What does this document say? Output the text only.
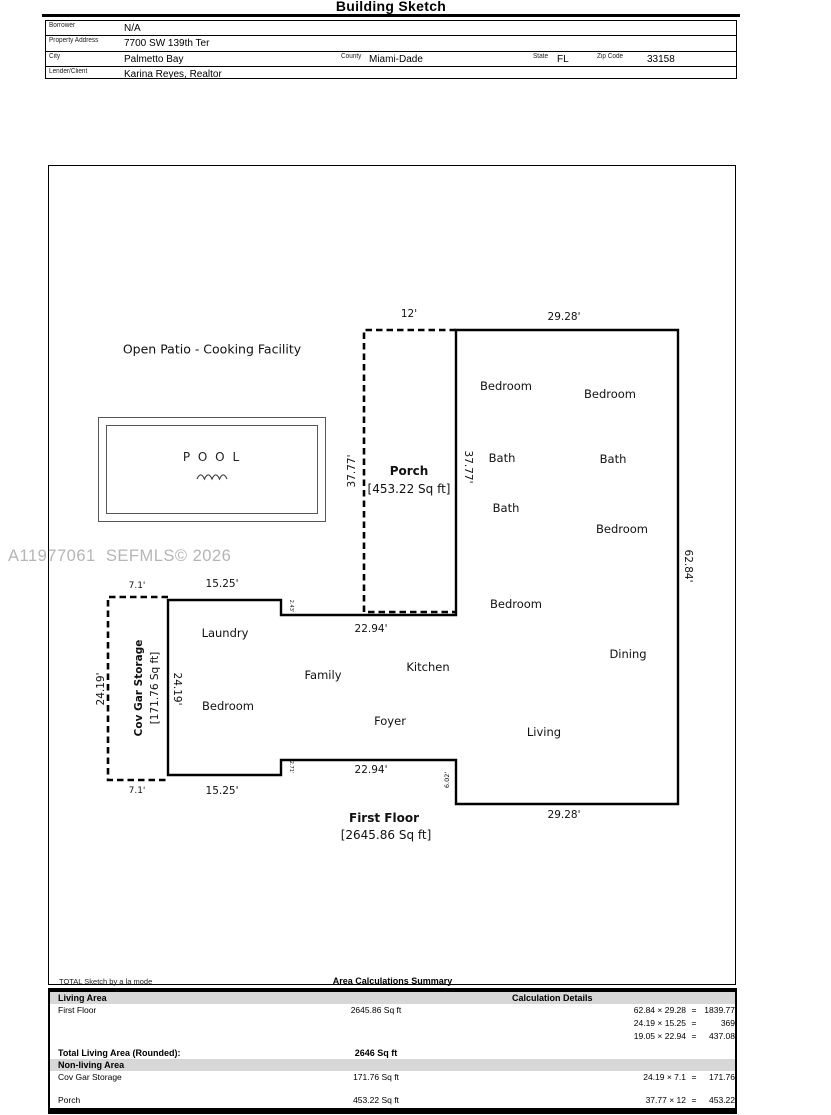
Building Sketch
Borrower	N/A
Property Address	7700 SW 139th Ter
City	Palmetto Bay	County Miami-Dade	State FL	Zip Code 33158
Lender/Client	Karina Reyes, Realtor
A11977061  SEFMLS© 2026
Open Patio - Cooking Facility
P O O L
12'
37.77'	37.77'
Porch
[453.22 Sq ft]
29.28'
29.28'
62.84'
7.1'
7.1'
15.25'
15.25'
22.94'
22.94'
24.19'	24.19'
2.43'
2.71'
6.02'
Cov Gar Storage [171.76 Sq ft]
Bedroom
Bedroom
Bath	Bath
Bath
Bedroom
Bedroom
Dining
Laundry
Family
Kitchen
Bedroom
Foyer
Living
First Floor
[2645.86 Sq ft]
TOTAL Sketch by a la mode	Area Calculations Summary
Living Area	Calculation Details
First Floor	2645.86 Sq ft	62.84 × 29.28 = 1839.77
24.19 × 15.25 =	369
19.05 × 22.94 =	437.08
Total Living Area (Rounded):	2646 Sq ft
Non-living Area
Cov Gar Storage	171.76 Sq ft	24.19 × 7.1 =	171.76
Porch	453.22 Sq ft	37.77 × 12 =	453.22
